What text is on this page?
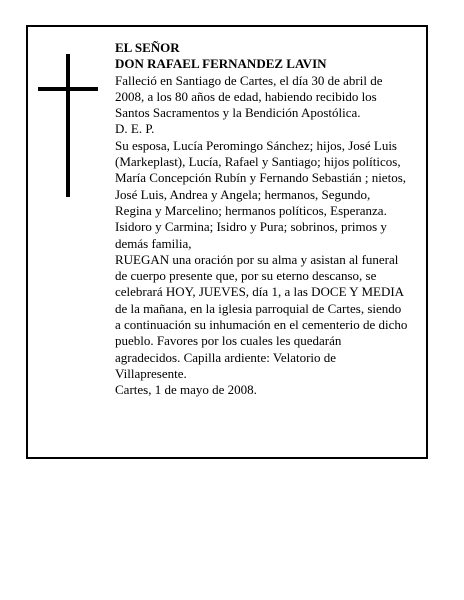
EL SEÑOR
DON RAFAEL FERNANDEZ LAVIN
Falleció en Santiago de Cartes, el día 30 de abril de
2008, a los 80 años de edad, habiendo recibido los
Santos Sacramentos y la Bendición Apostólica.
D. E. P.
Su esposa, Lucía Peromingo Sánchez; hijos, José Luis
(Markeplast), Lucía, Rafael y Santiago; hijos políticos,
María Concepción Rubín y Fernando Sebastián ; nietos,
José Luis, Andrea y Angela; hermanos, Segundo,
Regina y Marcelino; hermanos políticos, Esperanza.
Isidoro y Carmina; Isidro y Pura; sobrinos, primos y
demás familia,
RUEGAN una oración por su alma y asistan al funeral
de cuerpo presente que, por su eterno descanso, se
celebrará HOY, JUEVES, día 1, a las DOCE Y MEDIA
de la mañana, en la iglesia parroquial de Cartes, siendo
a continuación su inhumación en el cementerio de dicho
pueblo. Favores por los cuales les quedarán
agradecidos. Capilla ardiente: Velatorio de
Villapresente.
Cartes, 1 de mayo de 2008.
